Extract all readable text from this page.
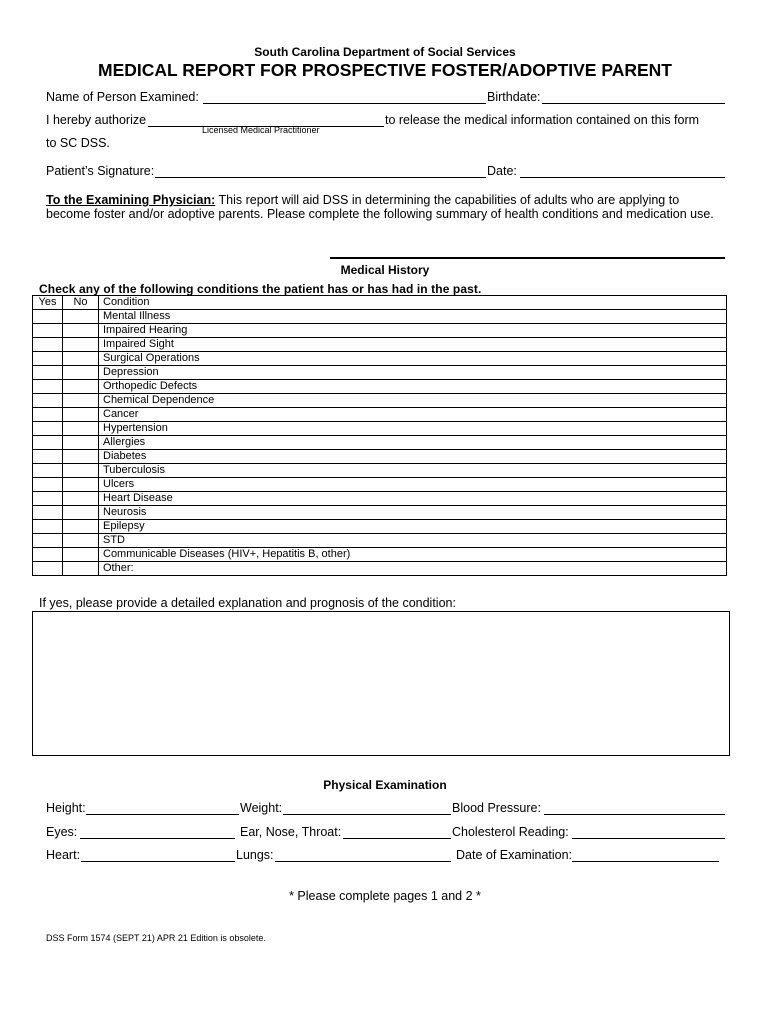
South Carolina Department of Social Services
MEDICAL REPORT FOR PROSPECTIVE FOSTER/ADOPTIVE PARENT
Name of Person Examined:	Birthdate:
I hereby authorize
Licensed Medical Practitioner
to release the medical information contained on this form
to SC DSS.
Patient’s Signature:	Date:
To the Examining Physician: This report will aid DSS in determining the capabilities of adults who are applying to become foster and/or adoptive parents. Please complete the following summary of health conditions and medication use.
Medical History
Check any of the following conditions the patient has or has had in the past.
Yes	No	Condition
		Mental Illness
		Impaired Hearing
		Impaired Sight
		Surgical Operations
		Depression
		Orthopedic Defects
		Chemical Dependence
		Cancer
		Hypertension
		Allergies
		Diabetes
		Tuberculosis
		Ulcers
		Heart Disease
		Neurosis
		Epilepsy
		STD
		Communicable Diseases (HIV+, Hepatitis B, other)
		Other:
If yes, please provide a detailed explanation and prognosis of the condition:
Physical Examination
Height:	Weight:	Blood Pressure:
Eyes:	Ear, Nose, Throat:	Cholesterol Reading:
Heart:	Lungs:	Date of Examination:
* Please complete pages 1 and 2 *
DSS Form 1574 (SEPT 21) APR 21 Edition is obsolete.
